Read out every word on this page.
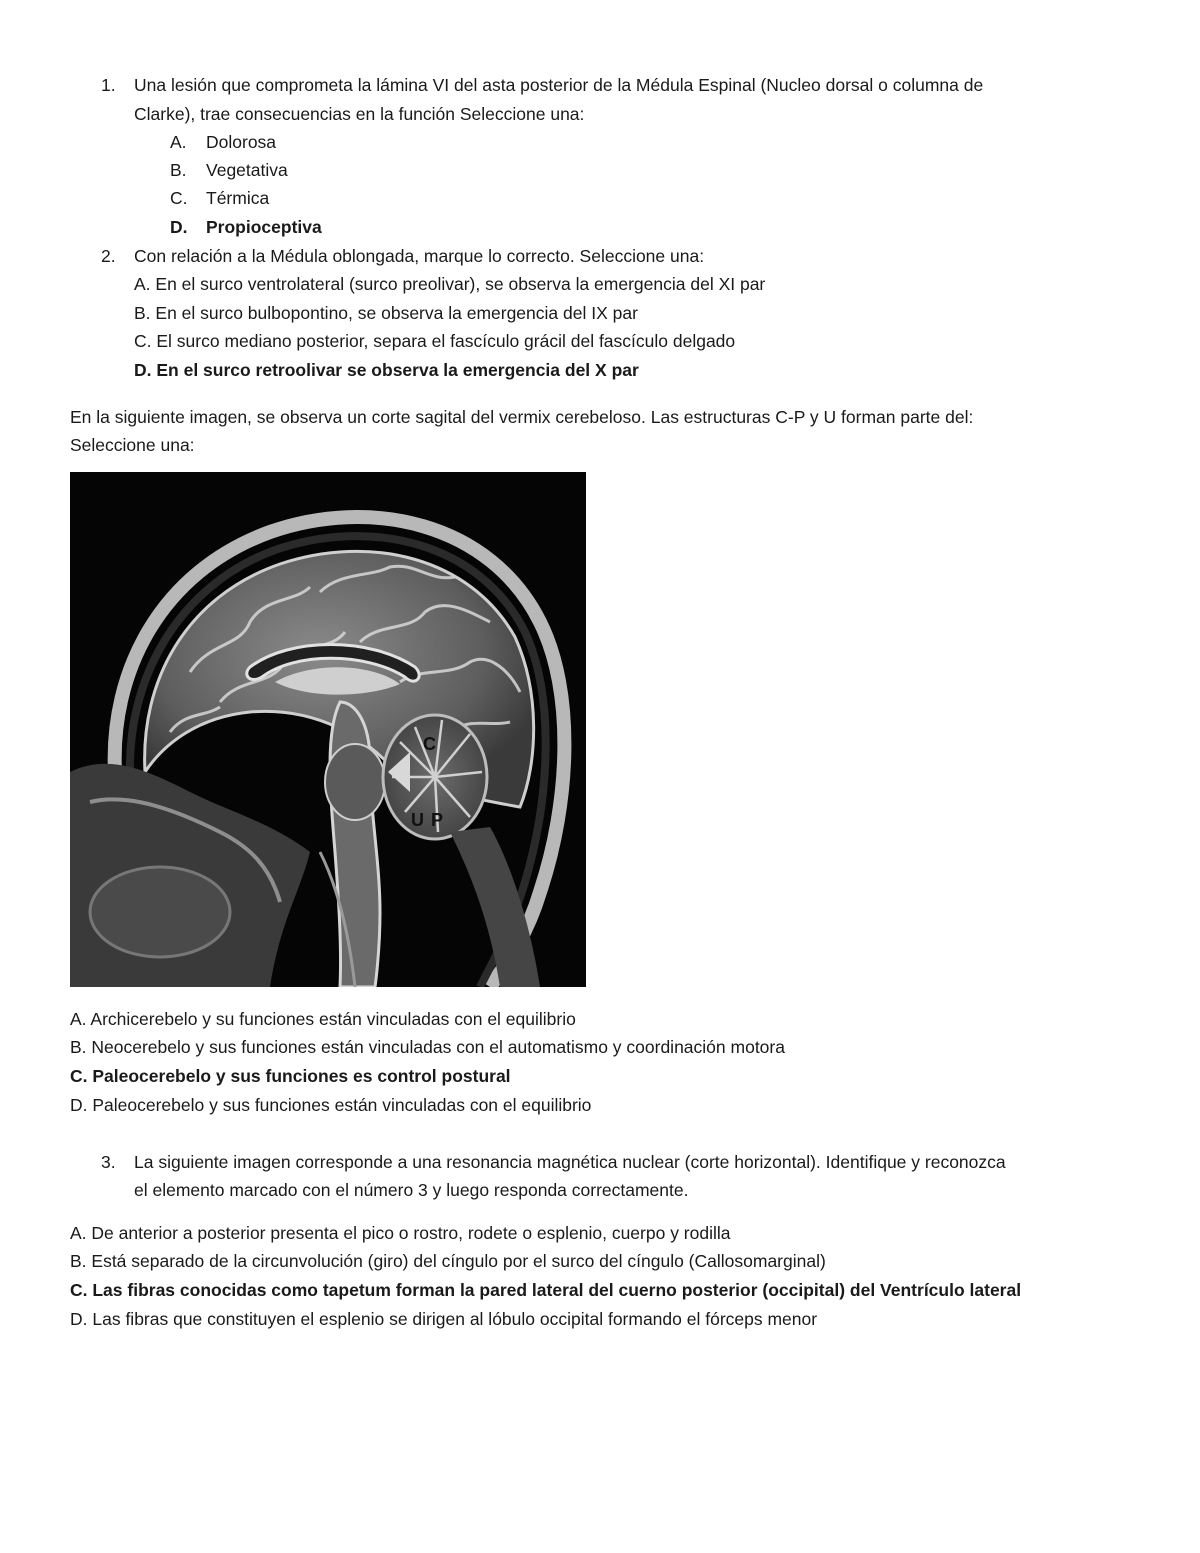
1. Una lesión que comprometa la lámina VI del asta posterior de la Médula Espinal (Nucleo dorsal o columna de
Clarke), trae consecuencias en la función Seleccione una:
A. Dolorosa
B. Vegetativa
C. Térmica
D. Propioceptiva
2. Con relación a la Médula oblongada, marque lo correcto. Seleccione una:
A. En el surco ventrolateral (surco preolivar), se observa la emergencia del XI par
B. En el surco bulbopontino, se observa la emergencia del IX par
C. El surco mediano posterior, separa el fascículo grácil del fascículo delgado
D. En el surco retroolivar se observa la emergencia del X par
En la siguiente imagen, se observa un corte sagital del vermix cerebeloso. Las estructuras C-P y U forman parte del:
Seleccione una:
C
U P
A. Archicerebelo y su funciones están vinculadas con el equilibrio
B. Neocerebelo y sus funciones están vinculadas con el automatismo y coordinación motora
C. Paleocerebelo y sus funciones es control postural
D. Paleocerebelo y sus funciones están vinculadas con el equilibrio
3. La siguiente imagen corresponde a una resonancia magnética nuclear (corte horizontal). Identifique y reconozca
el elemento marcado con el número 3 y luego responda correctamente.
A. De anterior a posterior presenta el pico o rostro, rodete o esplenio, cuerpo y rodilla
B. Está separado de la circunvolución (giro) del cíngulo por el surco del cíngulo (Callosomarginal)
C. Las fibras conocidas como tapetum forman la pared lateral del cuerno posterior (occipital) del Ventrículo lateral
D. Las fibras que constituyen el esplenio se dirigen al lóbulo occipital formando el fórceps menor
